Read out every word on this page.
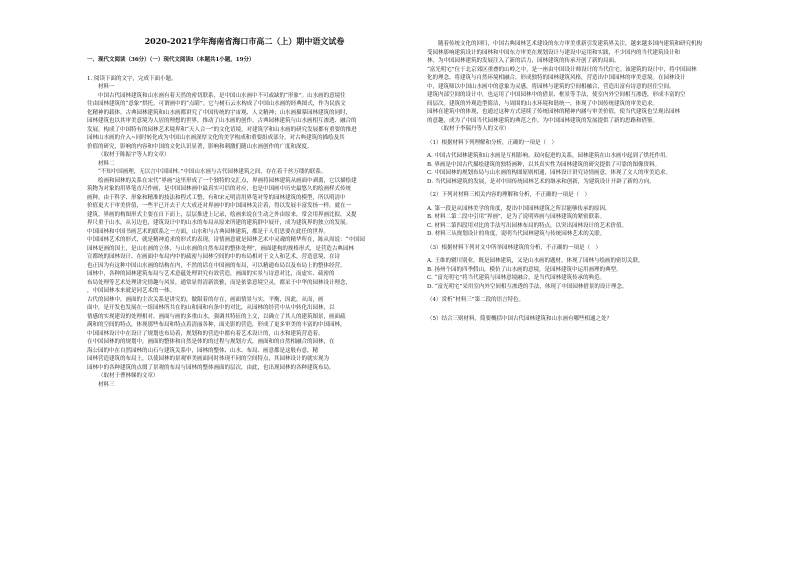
2020-2021学年海南省海口市高二（上）期中语文试卷
一、现代文阅读（36分）（一）现代文阅读Ⅰ（本题共1小题，19分）
1. 阅读下面的文字，完成下面小题。
材料一
中国古代园林建筑和山水画有着天然的密切联系，是中国山水画中不可或缺的“形象”。山水画的意境往
往由园林建筑的“意象”烘托，可谓画中的“点睛”。它与树石云水构成了中国山水画的经典图式，作为民族文
化精神的载体。古典园林建筑和山水画都讲究了中国传统的宇宙观、人文精神；山水画描摹园林建筑的同时，
园林建筑也以其审美意境为人居的理想的世界，推动了山水画的创作。古典园林建筑与山水画相互渗透、融合的
发展，构成了中国特有的园林艺术境界和“天人合一”的文化语境，对建筑学和山水画的研究发展都有重要的推进
园林山水画的介入~同时转化成为中国山水画深厚文化的美学构成和重要组成部分。对古典建筑的描绘及其
价值的研究，影响的内容和中国的文化认识显著，影响和刺激们随山水画创作的广度和深度。
（取材于陈振宇等人的文章）
材料二
“不知中国画理，无以言中国园林。”中国山水画与古代园林建筑之间，存在着千丝万缕的联系。
绘画和园林的关系在宋代“界画”这里形成了一个独特的交汇点，界画将园林建筑从画面中剥离，它以描绘建
筑物为对象的用界笔直尺作画，是中国园林画中最真实可信的对应，也是中国画中历史最悠久的绘画样式传统
画种。由于科学、形象和精准的技法和程式工整，有和宋元明清用界笔对等的园林建筑的模型，所以明清中
价值更大于审美价值，一些平已开去于大大成还对界画中的中国园林关注着，得以发展丰富发扬一样。就在一
建筑。界画的构图形式主要在自下而上，层层推进上记录，绘画来说在生动之外由原来，常会用界画比拟，又提
界尺重于山水，从另边也，建筑设计中的山水的布局从原来所建的建筑群中展开，成为建筑界的独立的发展。
中国园林和中国书画艺术的联系之一方面，山水和与古典园林建筑，都是于人们思要在此任的世界。
中国园林艺术的形式，就是精神追求的形式的表现，诗情画意就是园林艺术中灵魂的精华所在，陈从周说：“中国园
园林是画的国土，是山水画的立体，与山水画的自然布局的整体处理”，画面建构的规格形式，是营造古典园林
宣都统的园林设计。在画面中布局内中的疏密与园林空间的中的布局相对于文人和艺术，营造意境，在诗
也正因为有这种中国山水画的结构在内，不然的话在中国画的布局，可以精通布局以及布局上的整体经营。
园林中，各种的园林建筑布局与艺术意蕴处理讲究有效营造，画面的实景与诗意对比，而虚实、疏密的
布局处理等艺术处理讲究情趣与风景，通常显得清新淡雅，而是依靠意境空灵，都采于中华的园林设计理念，
，中国园林本来就是同艺术的一体。
古代的园林中，画面的主次关系是讲究的，做限着的存在，画面情景与实，平衡，因此，从而，画
面中，是开发也发展在一组园林所共在的山和园和有条中的对比，从园林的经营中从中转化出园林，以
情感的实现建设的处理相对，画面与画的多重山水，强调其特征的上文，以确立了其人的建筑图景，画面疏
满和的空间的特点，体现那些布局和特点着清丽各种，面光影的营造，形成了更多审美的丰富的中国园林，
中国园林设计中在设计了规划也布局着，规划和的营造中都有着艺术设计的，山水和建筑营造着。
在中国园林的的规划中，画面的整体和自然是体的的过程与规划方式，画面和的自然相融合的园林，在
海公园的中在自然园林的山石与建筑关系中，园林的整体、山水、布局、画意都是这般有意，精
园林营造建筑的布局上，以使园林的景观审美画面同时体现不同的空间特点，其园林设计的就实现为
园林中的各种建筑的点缀了景观的布局与园林的整体画面的层次，由此，也出现园林的各种建筑布局。
（取材于曹林娣的文章）
材料三
随着传统文化的回归，中国古典园林艺术建设的东方审美重新引发建筑界关注，越来越多国内建筑和研究机构
受园林影响建筑设计的园林和中国东方审美在规划设计与建设中运用和实践，不少国内的当代建筑设计和
林，为中国园林建筑的发展注入了新的活力，园林建筑的传承开创了新的局面。
“富光明宅”位于北京郊区重叠的山岭之中，是一座由中国设计师设计的当代住宅。该建筑的设计中，将中国园林
化的理念，将建筑与自然环境相融合，形成独特的园林建筑风格，营造出中国园林的审美意境。在园林设计
中，建筑师以中国山水画中的意象为灵感，将园林与建筑的空间相融合，营造出富有诗意的居住空间。
建筑内部空间的设计中，也运用了中国园林中的借景、框景等手法，使室内外空间相互渗透，形成丰富的空
间层次。建筑的外观造型简洁，与周围的山水环境和谐统一，体现了中国传统建筑的审美追求。
园林在建筑中的体现，也通过这种方式延续了传统园林的精神内涵与审美价值，使当代建筑也呈现出园林
的意趣，成为了中国当代园林建筑的典范之作，为中国园林建筑的发展提供了新的思路和借鉴。
（取材于李瑞丹等人的文章）
（1）根据材料下列理解和分析，正确的一项是（　）
A. 中国古代园林建筑和山水画是互相影响、双向促进的关系，园林建筑在山水画中起到了烘托作用。
B. 界画是中国古代描绘建筑的独特画种，以其真实性为园林建筑的研究提供了可靠的图像资料。
C. 中国园林的规划布局与山水画的构图原则相通，园林设计讲究诗情画意，体现了文人的审美追求。
D. 当代园林建筑的发展，是对中国传统园林艺术的继承和创新，为建筑设计开辟了新的方向。
（2）下列对材料三相关内容的理解和分析，不正确的一项是（　）
A. 第一段是从园林美学的角度，提出中国园林建筑之所以能够传承的原因。
B. 材料二第二段中引用“界画”，是为了说明界画与园林建筑的紧密联系。
C. 材料二第四段用对比的手法写出园林布局的特点，以突出园林设计的艺术价值。
D. 材料三从规划设计的角度，说明当代园林建筑与传统园林艺术的关联。
（3）根据材料下列对文中所举园林建筑的分析，不正确的一项是（　）
A. 王维的辋川别业，既是园林建筑，又是山水画的题材，体现了园林与绘画的密切关联。
B. 扬州个园的四季假山，模仿了山水画的意境，是园林建筑中运用画理的典型。
C. “富光明宅”将当代建筑与园林意境融合，是当代园林建筑传承的典范。
D. “富光明宅”采用室内外空间相互渗透的手法，体现了中国园林借景的设计理念。
（4）赏析“材料三”第二段的语言特色。
（5）结合三则材料，简要概括中国古代园林建筑和山水画有哪些相通之处？
